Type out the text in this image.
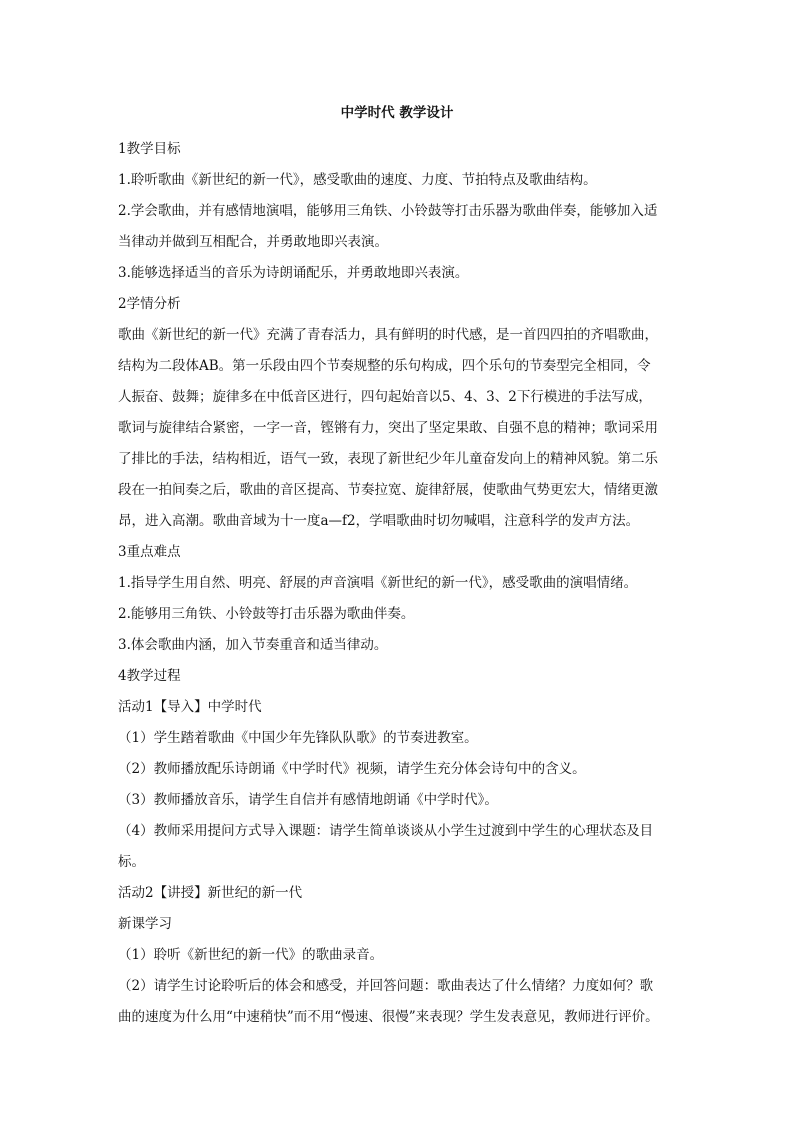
中学时代 教学设计
1教学目标
1.聆听歌曲《新世纪的新一代》，感受歌曲的速度、力度、节拍特点及歌曲结构。
2.学会歌曲，并有感情地演唱，能够用三角铁、小铃鼓等打击乐器为歌曲伴奏，能够加入适
当律动并做到互相配合，并勇敢地即兴表演。
3.能够选择适当的音乐为诗朗诵配乐，并勇敢地即兴表演。
2学情分析
歌曲《新世纪的新一代》充满了青春活力，具有鲜明的时代感，是一首四四拍的齐唱歌曲，
结构为二段体AB。第一乐段由四个节奏规整的乐句构成，四个乐句的节奏型完全相同，令
人振奋、鼓舞；旋律多在中低音区进行，四句起始音以5、4、3、2下行模进的手法写成，
歌词与旋律结合紧密，一字一音，铿锵有力，突出了坚定果敢、自强不息的精神；歌词采用
了排比的手法，结构相近，语气一致，表现了新世纪少年儿童奋发向上的精神风貌。第二乐
段在一拍间奏之后，歌曲的音区提高、节奏拉宽、旋律舒展，使歌曲气势更宏大，情绪更激
昂，进入高潮。歌曲音域为十一度a—f2，学唱歌曲时切勿喊唱，注意科学的发声方法。
3重点难点
1.指导学生用自然、明亮、舒展的声音演唱《新世纪的新一代》，感受歌曲的演唱情绪。
2.能够用三角铁、小铃鼓等打击乐器为歌曲伴奏。
3.体会歌曲内涵，加入节奏重音和适当律动。
4教学过程
活动1【导入】中学时代
（1）学生踏着歌曲《中国少年先锋队队歌》的节奏进教室。
（2）教师播放配乐诗朗诵《中学时代》视频，请学生充分体会诗句中的含义。
（3）教师播放音乐，请学生自信并有感情地朗诵《中学时代》。
（4）教师采用提问方式导入课题：请学生简单谈谈从小学生过渡到中学生的心理状态及目
标。
活动2【讲授】新世纪的新一代
新课学习
（1）聆听《新世纪的新一代》的歌曲录音。
（2）请学生讨论聆听后的体会和感受，并回答问题：歌曲表达了什么情绪？力度如何？歌
曲的速度为什么用“中速稍快”而不用“慢速、很慢”来表现？学生发表意见，教师进行评价。
